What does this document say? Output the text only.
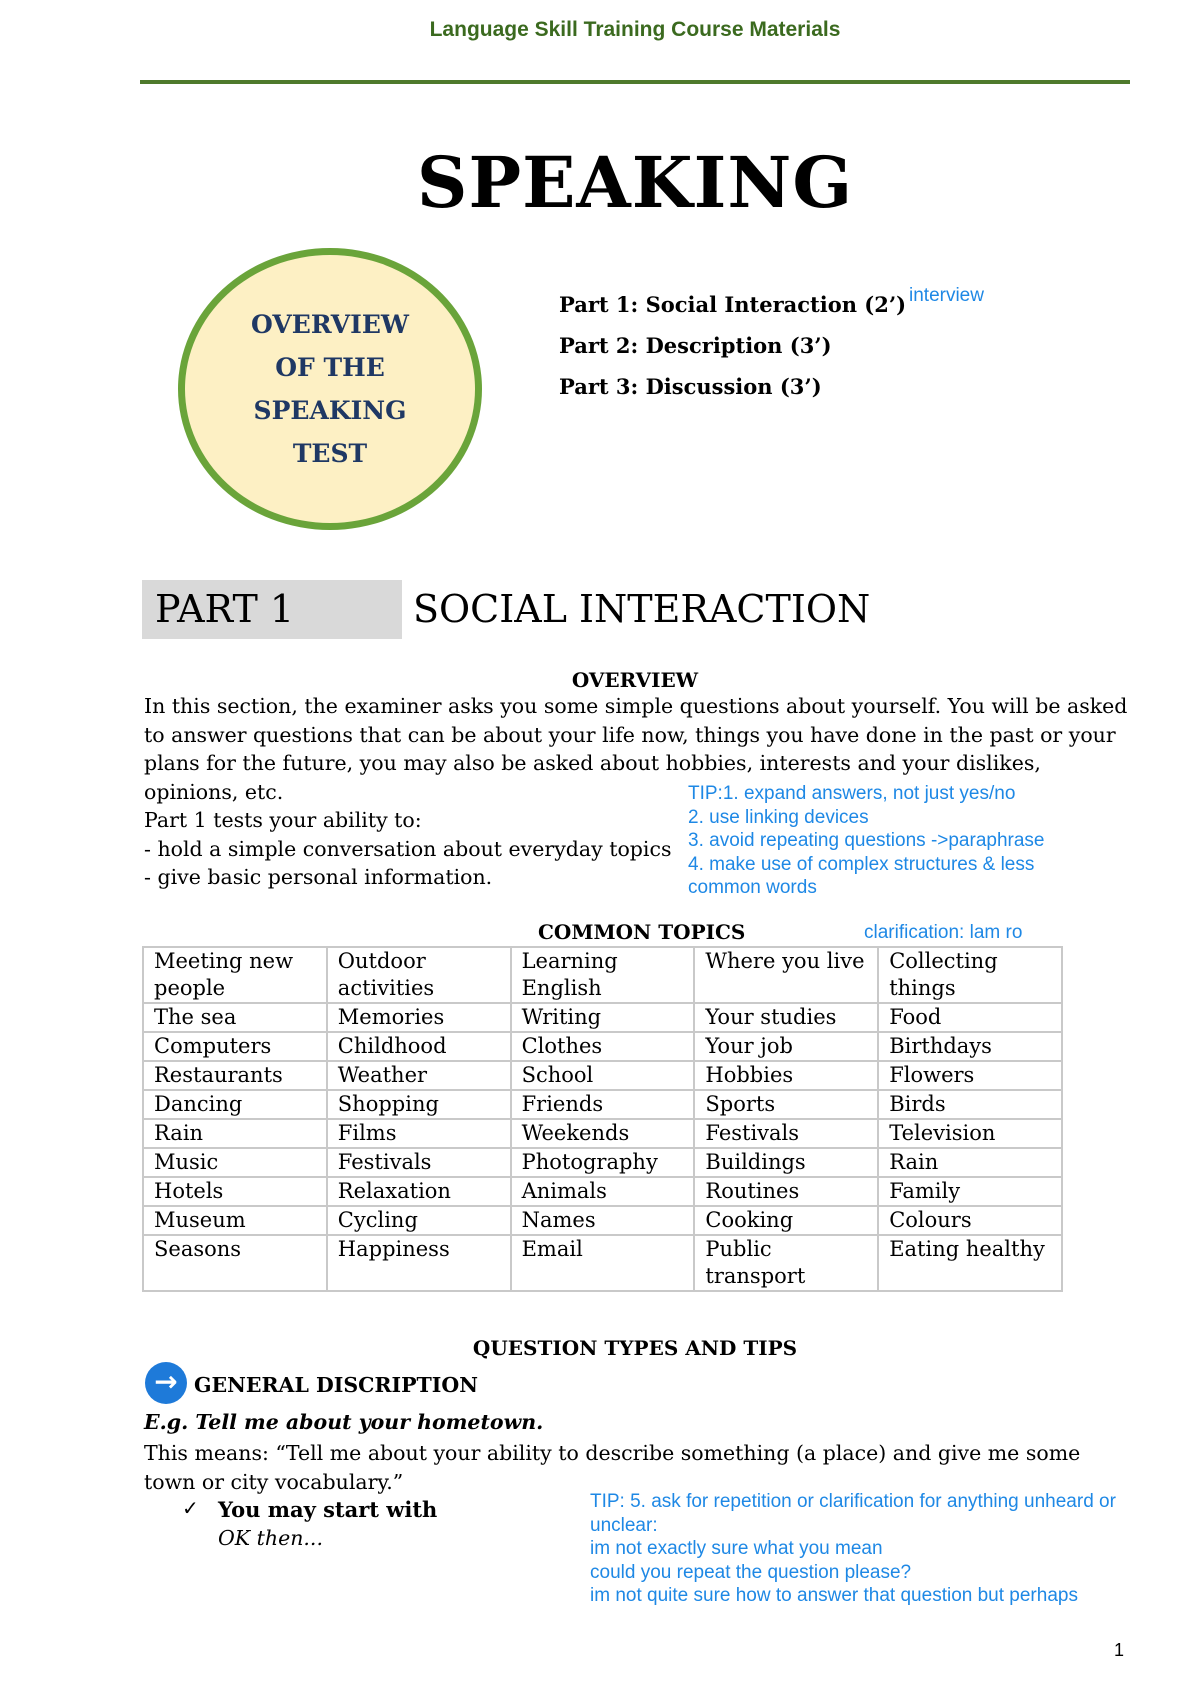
Language Skill Training Course Materials
SPEAKING
OVERVIEW OF THE SPEAKING TEST
Part 1: Social Interaction (2’)
Part 2: Description (3’)
Part 3: Discussion (3’)
interview
PART 1	SOCIAL INTERACTION
OVERVIEW
In this section, the examiner asks you some simple questions about yourself. You will be asked to answer questions that can be about your life now, things you have done in the past or your plans for the future, you may also be asked about hobbies, interests and your dislikes, opinions, etc.
Part 1 tests your ability to:
- hold a simple conversation about everyday topics
- give basic personal information.
TIP:1. expand answers, not just yes/no
2. use linking devices
3. avoid repeating questions ->paraphrase
4. make use of complex structures & less
common words
COMMON TOPICS	clarification: lam ro
Meeting new people	Outdoor activities	Learning English	Where you live	Collecting things
The sea	Memories	Writing	Your studies	Food
Computers	Childhood	Clothes	Your job	Birthdays
Restaurants	Weather	School	Hobbies	Flowers
Dancing	Shopping	Friends	Sports	Birds
Rain	Films	Weekends	Festivals	Television
Music	Festivals	Photography	Buildings	Rain
Hotels	Relaxation	Animals	Routines	Family
Museum	Cycling	Names	Cooking	Colours
Seasons	Happiness	Email	Public transport	Eating healthy
QUESTION TYPES AND TIPS
→ GENERAL DISCRIPTION
E.g. Tell me about your hometown.
This means: “Tell me about your ability to describe something (a place) and give me some town or city vocabulary.”
✓ You may start with
OK then...
TIP: 5. ask for repetition or clarification for anything unheard or
unclear:
im not exactly sure what you mean
could you repeat the question please?
im not quite sure how to answer that question but perhaps
1
